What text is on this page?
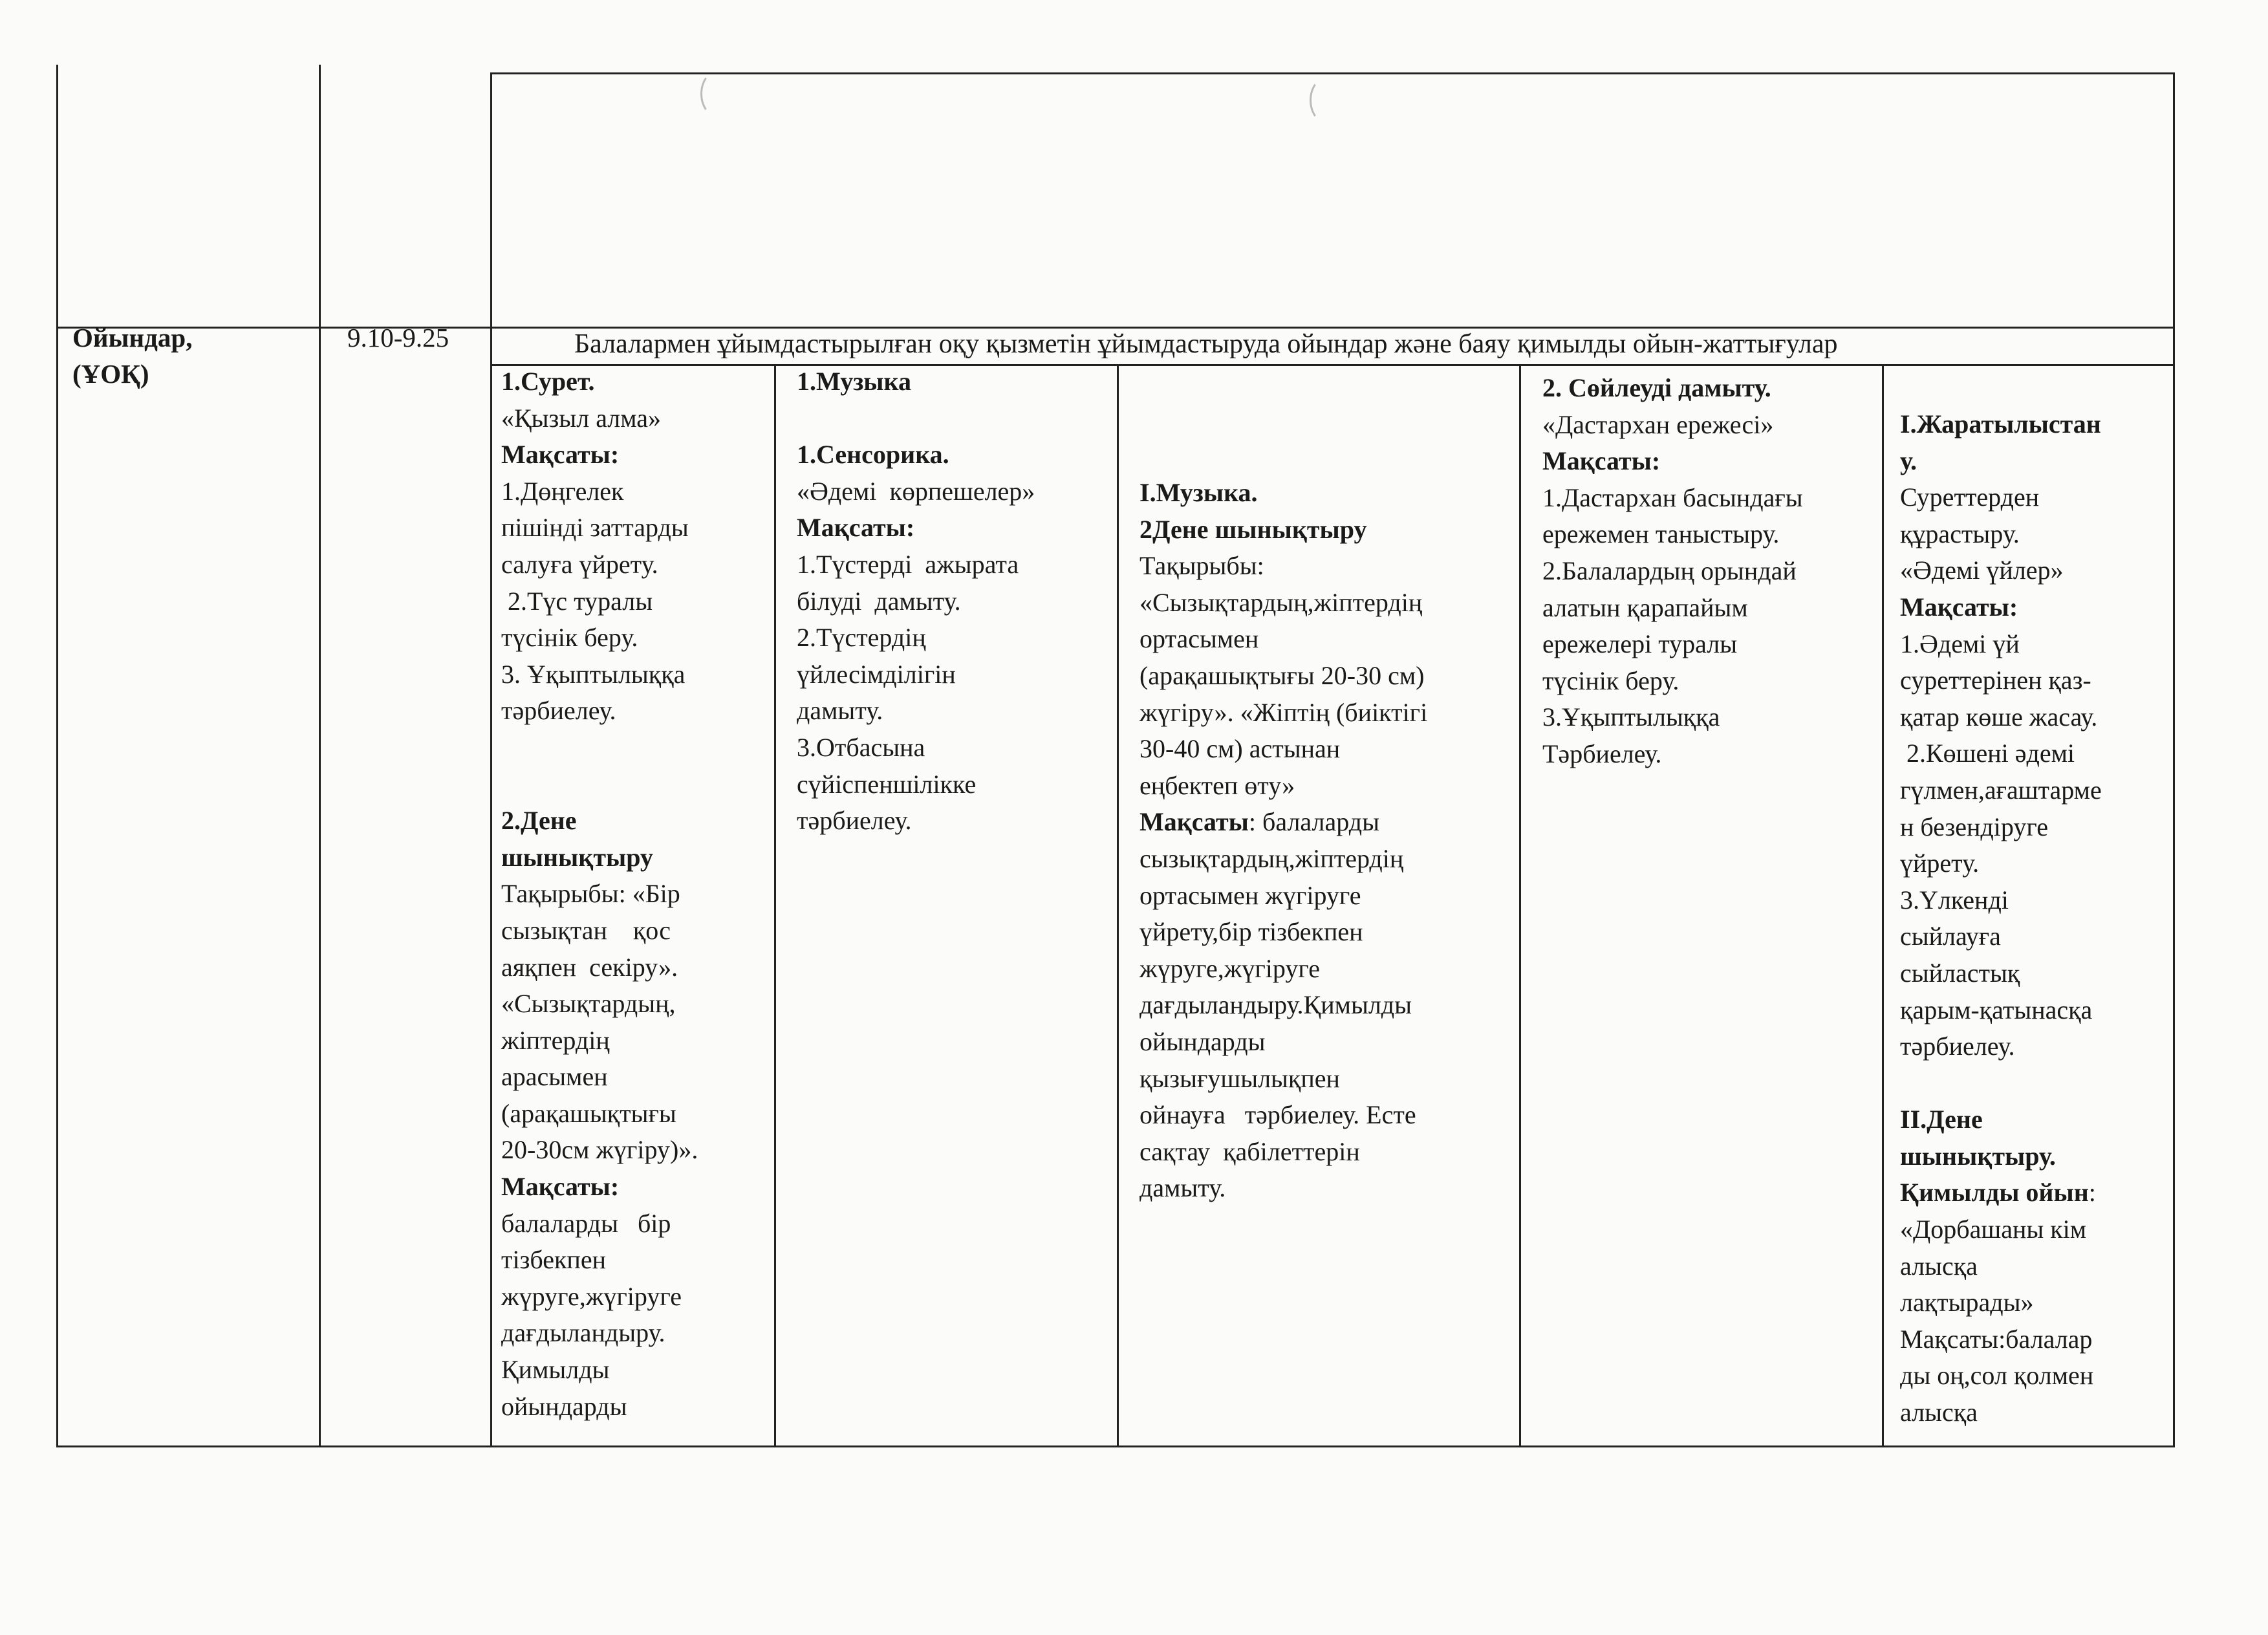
Ойындар,
(ҰОҚ)
9.10-9.25	Балалармен ұйымдастырылған оқу қызметін ұйымдастыруда ойындар және баяу қимылды ойын-жаттығулар
1.Сурет.
«Қызыл алма»
Мақсаты:
1.Дөңгелек
пішінді заттарды
салуға үйрету.
2.Түс туралы
түсінік беру.
3. Ұқыптылыққа
тәрбиелеу.
2.Дене
шынықтыру
Тақырыбы: «Бір
сызықтан    қос
аяқпен  секіру».
«Сызықтардың,
жіптердің
арасымен
(арақашықтығы
20-30см жүгіру)».
Мақсаты:
балаларды   бір
тізбекпен
жүруге,жүгіруге
дағдыландыру.
Қимылды
ойындарды
1.Музыка
1.Сенсорика.
«Әдемі  көрпешелер»
Мақсаты:
1.Түстерді  ажырата
білуді  дамыту.
2.Түстердің
үйлесімділігін
дамыту.
3.Отбасына
сүйіспеншілікке
тәрбиелеу.
І.Музыка.
2Дене шынықтыру
Тақырыбы:
«Сызықтардың,жіптердің
ортасымен
(арақашықтығы 20-30 см)
жүгіру». «Жіптің (биіктігі
30-40 см) астынан
еңбектеп өту»
Мақсаты: балаларды
сызықтардың,жіптердің
ортасымен жүгіруге
үйрету,бір тізбекпен
жүруге,жүгіруге
дағдыландыру.Қимылды
ойындарды
қызығушылықпен
ойнауға   тәрбиелеу. Есте
сақтау  қабілеттерін
дамыту.
2. Сөйлеуді дамыту.
«Дастархан ережесі»
Мақсаты:
1.Дастархан басындағы
ережемен таныстыру.
2.Балалардың орындай
алатын қарапайым
ережелері туралы
түсінік беру.
3.Ұқыптылыққа
Тәрбиелеу.
І.Жаратылыстан
у.
Суреттерден
құрастыру.
«Әдемі үйлер»
Мақсаты:
1.Әдемі үй
суреттерінен қаз-
қатар көше жасау.
2.Көшені әдемі
гүлмен,ағаштарме
н безендіруге
үйрету.
3.Үлкенді
сыйлауға
сыйластық
қарым-қатынасқа
тәрбиелеу.
ІІ.Дене
шынықтыру.
Қимылды ойын:
«Дорбашаны кім
алысқа
лақтырады»
Мақсаты:балалар
ды оң,сол қолмен
алысқа
